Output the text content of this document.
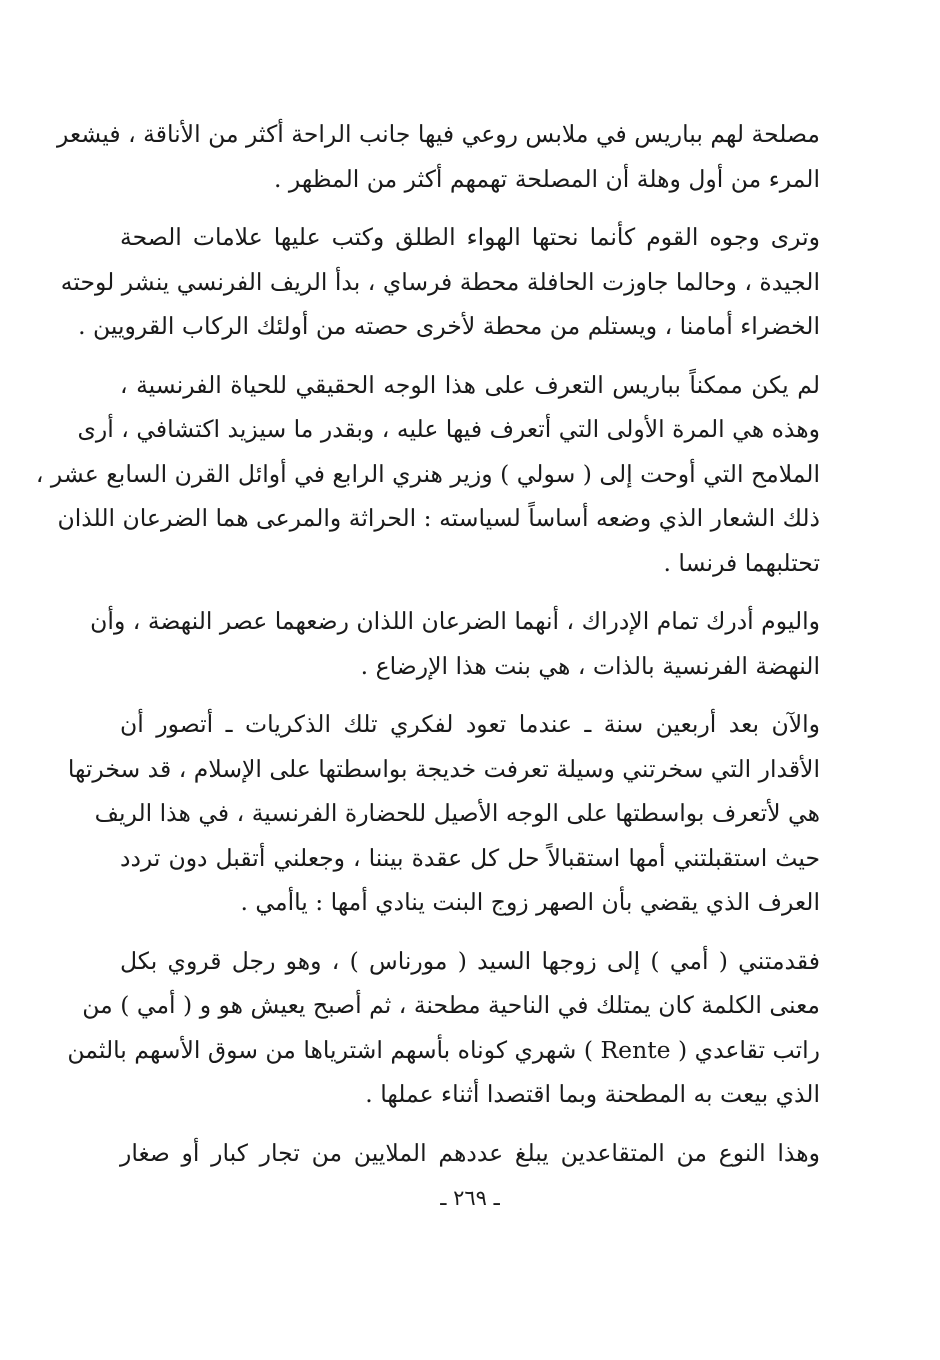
مصلحة لهم بباريس في ملابس روعي فيها جانب الراحة أكثر من الأناقة ، فيشعر
المرء من أول وهلة أن المصلحة تهمهم أكثر من المظهر .

وترى وجوه القوم كأنما نحتها الهواء الطلق وكتب عليها علامات الصحة
الجيدة ، وحالما جاوزت الحافلة محطة فرساي ، بدأ الريف الفرنسي ينشر لوحته
الخضراء أمامنا ، ويستلم من محطة لأخرى حصته من أولئك الركاب القرويين .

لم يكن ممكناً بباريس التعرف على هذا الوجه الحقيقي للحياة الفرنسية ،
وهذه هي المرة الأولى التي أتعرف فيها عليه ، وبقدر ما سيزيد اكتشافي ، أرى
الملامح التي أوحت إلى ( سولي ) وزير هنري الرابع في أوائل القرن السابع عشر ،
ذلك الشعار الذي وضعه أساساً لسياسته : الحراثة والمرعى هما الضرعان اللذان
تحتلبهما فرنسا .

واليوم أدرك تمام الإدراك ، أنهما الضرعان اللذان رضعهما عصر النهضة ، وأن
النهضة الفرنسية بالذات ، هي بنت هذا الإرضاع .

والآن بعد أربعين سنة ـ عندما تعود لفكري تلك الذكريات ـ أتصور أن
الأقدار التي سخرتني وسيلة تعرفت خديجة بواسطتها على الإسلام ، قد سخرتها
هي لأتعرف بواسطتها على الوجه الأصيل للحضارة الفرنسية ، في هذا الريف
حيث استقبلتني أمها استقبالاً حل كل عقدة بيننا ، وجعلني أتقبل دون تردد
العرف الذي يقضي بأن الصهر زوج البنت ينادي أمها : ياأمي .

فقدمتني ( أمي ) إلى زوجها السيد ( مورناس ) ، وهو رجل قروي بكل
معنى الكلمة كان يمتلك في الناحية مطحنة ، ثم أصبح يعيش هو و ( أمي ) من
راتب تقاعدي ( Rente ) شهري كوناه بأسهم اشترياها من سوق الأسهم بالثمن
الذي بيعت به المطحنة وبما اقتصدا أثناء عملها .

وهذا النوع من المتقاعدين يبلغ عددهم الملايين من تجار كبار أو صغار

ـ ٢٦٩ ـ
